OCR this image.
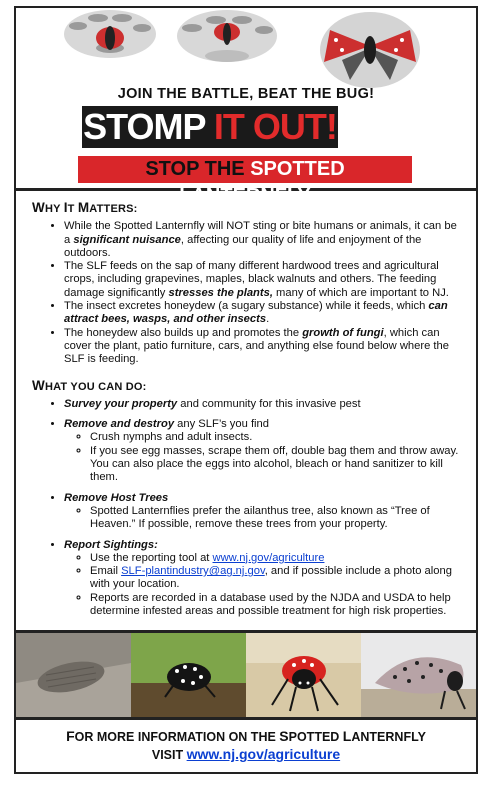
JOIN THE BATTLE, BEAT THE BUG!
STOMP IT OUT!
STOP THE SPOTTED LANTERNFLY
WHY IT MATTERS:
• While the Spotted Lanternfly will NOT sting or bite humans or animals, it can be a significant nuisance, affecting our quality of life and enjoyment of the outdoors.
• The SLF feeds on the sap of many different hardwood trees and agricultural crops, including grapevines, maples, black walnuts and others. The feeding damage significantly stresses the plants, many of which are important to NJ.
• The insect excretes honeydew (a sugary substance) while it feeds, which can attract bees, wasps, and other insects.
• The honeydew also builds up and promotes the growth of fungi, which can cover the plant, patio furniture, cars, and anything else found below where the SLF is feeding.
WHAT YOU CAN DO:
• Survey your property and community for this invasive pest
• Remove and destroy any SLF’s you find
◦ Crush nymphs and adult insects.
◦ If you see egg masses, scrape them off, double bag them and throw away. You can also place the eggs into alcohol, bleach or hand sanitizer to kill them.
• Remove Host Trees
◦ Spotted Lanternflies prefer the ailanthus tree, also known as “Tree of Heaven.” If possible, remove these trees from your property.
• Report Sightings:
◦ Use the reporting tool at www.nj.gov/agriculture
◦ Email SLF-plantindustry@ag.nj.gov, and if possible include a photo along with your location.
◦ Reports are recorded in a database used by the NJDA and USDA to help determine infested areas and possible treatment for high risk properties.
FOR MORE INFORMATION ON THE SPOTTED LANTERNFLY
VISIT www.nj.gov/agriculture
